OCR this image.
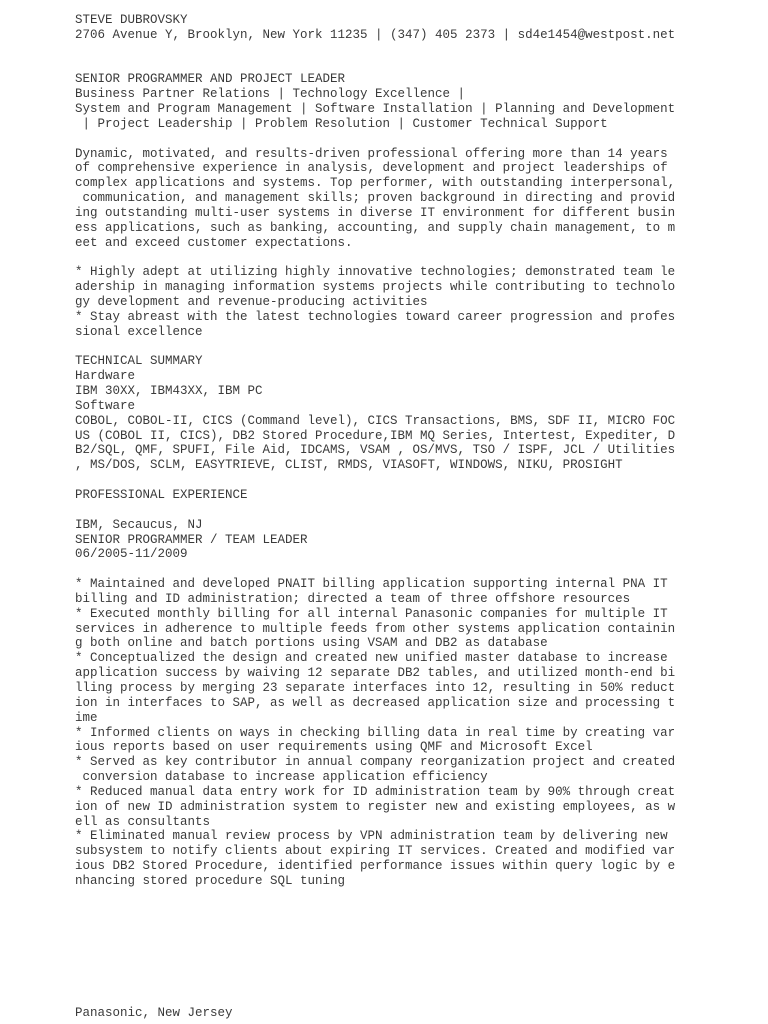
STEVE DUBROVSKY
2706 Avenue Y, Brooklyn, New York 11235 | (347) 405 2373 | sd4e1454@westpost.net
SENIOR PROGRAMMER AND PROJECT LEADER
Business Partner Relations | Technology Excellence |
System and Program Management | Software Installation | Planning and Development
| Project Leadership | Problem Resolution | Customer Technical Support
Dynamic, motivated, and results-driven professional offering more than 14 years
of comprehensive experience in analysis, development and project leaderships of
complex applications and systems. Top performer, with outstanding interpersonal,
communication, and management skills; proven background in directing and provid
ing outstanding multi-user systems in diverse IT environment for different busin
ess applications, such as banking, accounting, and supply chain management, to m
eet and exceed customer expectations.
* Highly adept at utilizing highly innovative technologies; demonstrated team le
adership in managing information systems projects while contributing to technolo
gy development and revenue-producing activities
* Stay abreast with the latest technologies toward career progression and profes
sional excellence
TECHNICAL SUMMARY
Hardware
IBM 30XX, IBM43XX, IBM PC
Software
COBOL, COBOL-II, CICS (Command level), CICS Transactions, BMS, SDF II, MICRO FOC
US (COBOL II, CICS), DB2 Stored Procedure,IBM MQ Series, Intertest, Expediter, D
B2/SQL, QMF, SPUFI, File Aid, IDCAMS, VSAM , OS/MVS, TSO / ISPF, JCL / Utilities
, MS/DOS, SCLM, EASYTRIEVE, CLIST, RMDS, VIASOFT, WINDOWS, NIKU, PROSIGHT
PROFESSIONAL EXPERIENCE
IBM, Secaucus, NJ
SENIOR PROGRAMMER / TEAM LEADER
06/2005-11/2009
* Maintained and developed PNAIT billing application supporting internal PNA IT
billing and ID administration; directed a team of three offshore resources
* Executed monthly billing for all internal Panasonic companies for multiple IT
services in adherence to multiple feeds from other systems application containin
g both online and batch portions using VSAM and DB2 as database
* Conceptualized the design and created new unified master database to increase
application success by waiving 12 separate DB2 tables, and utilized month-end bi
lling process by merging 23 separate interfaces into 12, resulting in 50% reduct
ion in interfaces to SAP, as well as decreased application size and processing t
ime
* Informed clients on ways in checking billing data in real time by creating var
ious reports based on user requirements using QMF and Microsoft Excel
* Served as key contributor in annual company reorganization project and created
conversion database to increase application efficiency
* Reduced manual data entry work for ID administration team by 90% through creat
ion of new ID administration system to register new and existing employees, as w
ell as consultants
* Eliminated manual review process by VPN administration team by delivering new
subsystem to notify clients about expiring IT services. Created and modified var
ious DB2 Stored Procedure, identified performance issues within query logic by e
nhancing stored procedure SQL tuning
Panasonic, New Jersey
